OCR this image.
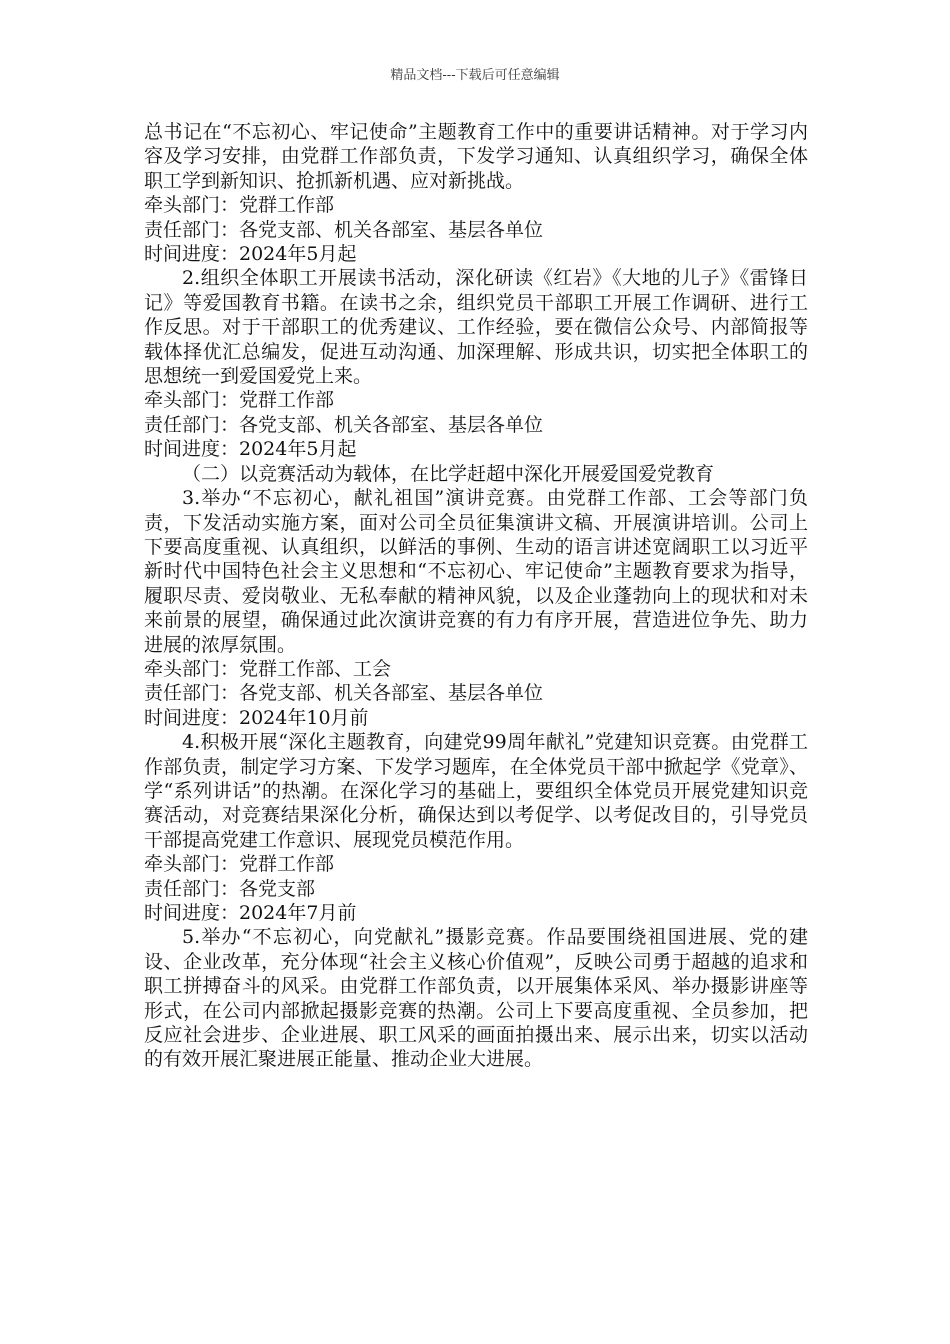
精品文档---下载后可任意编辑

总书记在“不忘初心、牢记使命”主题教育工作中的重要讲话精神。对于学习内容及学习安排，由党群工作部负责，下发学习通知、认真组织学习，确保全体职工学到新知识、抢抓新机遇、应对新挑战。

牵头部门：党群工作部

责任部门：各党支部、机关各部室、基层各单位

时间进度：2024年5月起

2.组织全体职工开展读书活动，深化研读《红岩》《大地的儿子》《雷锋日记》等爱国教育书籍。在读书之余，组织党员干部职工开展工作调研、进行工作反思。对于干部职工的优秀建议、工作经验，要在微信公众号、内部简报等载体择优汇总编发，促进互动沟通、加深理解、形成共识，切实把全体职工的思想统一到爱国爱党上来。

牵头部门：党群工作部

责任部门：各党支部、机关各部室、基层各单位

时间进度：2024年5月起

（二）以竞赛活动为载体，在比学赶超中深化开展爱国爱党教育

3.举办“不忘初心，献礼祖国”演讲竞赛。由党群工作部、工会等部门负责，下发活动实施方案，面对公司全员征集演讲文稿、开展演讲培训。公司上下要高度重视、认真组织，以鲜活的事例、生动的语言讲述宽阔职工以习近平新时代中国特色社会主义思想和“不忘初心、牢记使命”主题教育要求为指导，履职尽责、爱岗敬业、无私奉献的精神风貌，以及企业蓬勃向上的现状和对未来前景的展望，确保通过此次演讲竞赛的有力有序开展，营造进位争先、助力进展的浓厚氛围。

牵头部门：党群工作部、工会

责任部门：各党支部、机关各部室、基层各单位

时间进度：2024年10月前

4.积极开展“深化主题教育，向建党99周年献礼”党建知识竞赛。由党群工作部负责，制定学习方案、下发学习题库，在全体党员干部中掀起学《党章》、学“系列讲话”的热潮。在深化学习的基础上，要组织全体党员开展党建知识竞赛活动，对竞赛结果深化分析，确保达到以考促学、以考促改目的，引导党员干部提高党建工作意识、展现党员模范作用。

牵头部门：党群工作部

责任部门：各党支部

时间进度：2024年7月前

5.举办“不忘初心，向党献礼”摄影竞赛。作品要围绕祖国进展、党的建设、企业改革，充分体现“社会主义核心价值观”，反映公司勇于超越的追求和职工拼搏奋斗的风采。由党群工作部负责，以开展集体采风、举办摄影讲座等形式，在公司内部掀起摄影竞赛的热潮。公司上下要高度重视、全员参加，把反应社会进步、企业进展、职工风采的画面拍摄出来、展示出来，切实以活动的有效开展汇聚进展正能量、推动企业大进展。
